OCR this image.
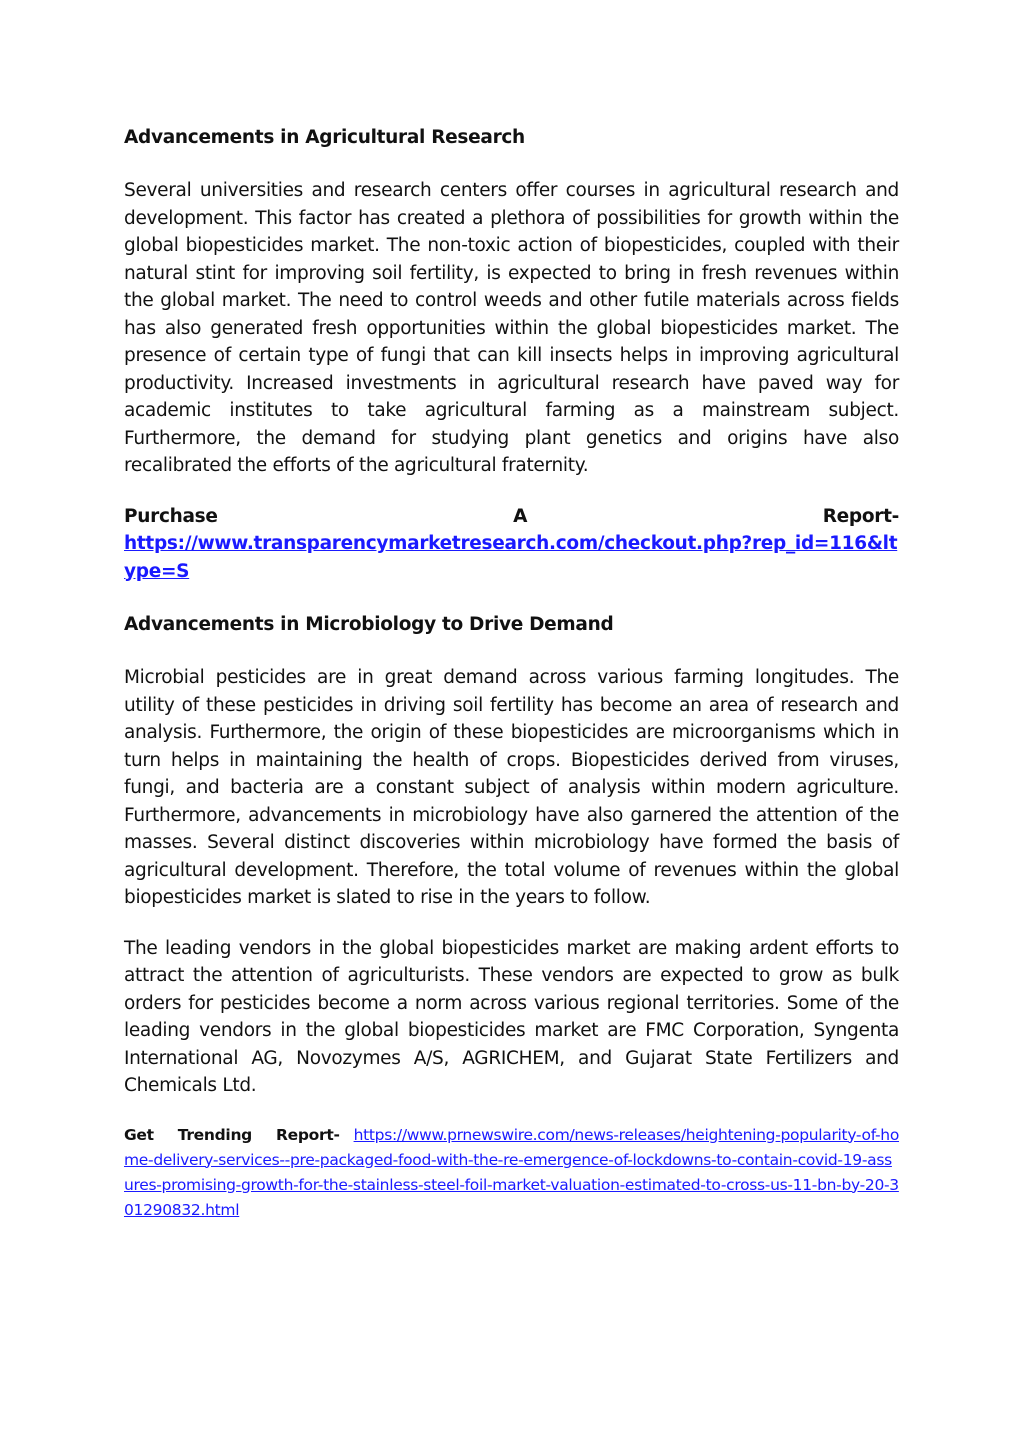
Advancements in Agricultural Research

Several universities and research centers offer courses in agricultural research and development. This factor has created a plethora of possibilities for growth within the global biopesticides market. The non-toxic action of biopesticides, coupled with their natural stint for improving soil fertility, is expected to bring in fresh revenues within the global market. The need to control weeds and other futile materials across fields has also generated fresh opportunities within the global biopesticides market. The presence of certain type of fungi that can kill insects helps in improving agricultural productivity. Increased investments in agricultural research have paved way for academic institutes to take agricultural farming as a mainstream subject. Furthermore, the demand for studying plant genetics and origins have also recalibrated the efforts of the agricultural fraternity.

Purchase	A	Report-
https://www.transparencymarketresearch.com/checkout.php?rep_id=116&ltype=S
Advancements in Microbiology to Drive Demand

Microbial pesticides are in great demand across various farming longitudes. The utility of these pesticides in driving soil fertility has become an area of research and analysis. Furthermore, the origin of these biopesticides are microorganisms which in turn helps in maintaining the health of crops. Biopesticides derived from viruses, fungi, and bacteria are a constant subject of analysis within modern agriculture. Furthermore, advancements in microbiology have also garnered the attention of the masses. Several distinct discoveries within microbiology have formed the basis of agricultural development. Therefore, the total volume of revenues within the global biopesticides market is slated to rise in the years to follow.

The leading vendors in the global biopesticides market are making ardent efforts to attract the attention of agriculturists. These vendors are expected to grow as bulk orders for pesticides become a norm across various regional territories. Some of the leading vendors in the global biopesticides market are FMC Corporation, Syngenta International AG, Novozymes A/S, AGRICHEM, and Gujarat State Fertilizers and Chemicals Ltd.

Get Trending Report- https://www.prnewswire.com/news-releases/heightening-popularity-of-home-delivery-services--pre-packaged-food-with-the-re-emergence-of-lockdowns-to-contain-covid-19-assures-promising-growth-for-the-stainless-steel-foil-market-valuation-estimated-to-cross-us-11-bn-by-20-301290832.html
